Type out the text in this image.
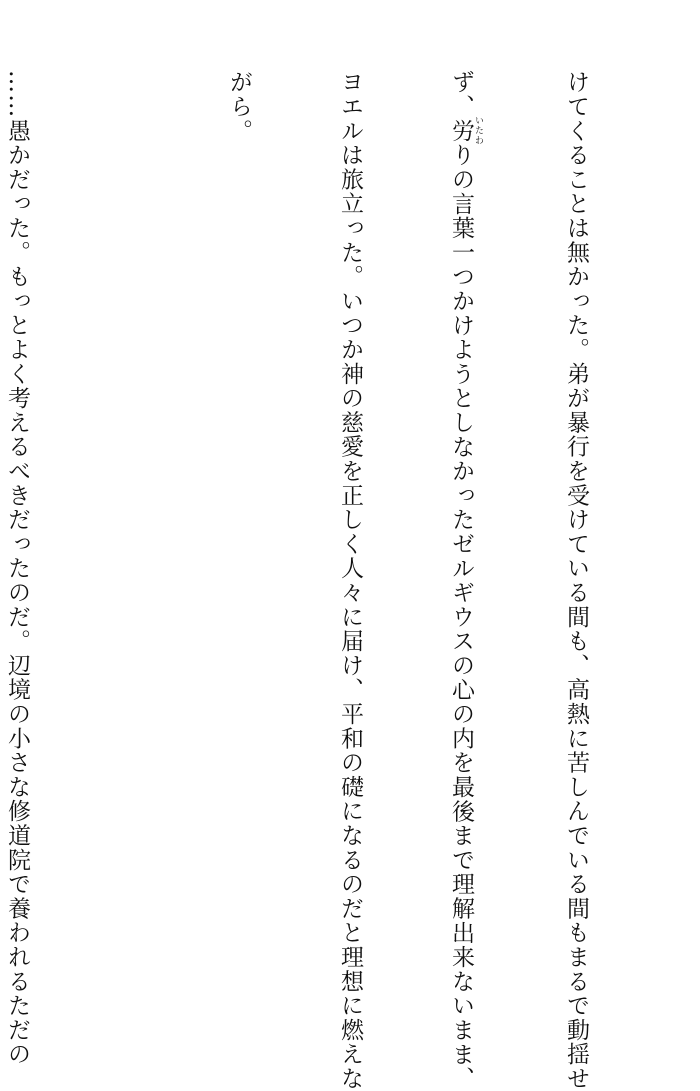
けてくることは無かった。弟が暴行を受けている間も、高熱に苦しんでいる間もまるで動揺せ

ず、労 いたわりの言葉一つかけようとしなかったゼルギウスの心の内を最後まで理解出来ないまま、

ヨエルは旅立った。いつか神の慈愛を正しく人々に届け、平和の礎になるのだと理想に燃えな

がら。

……愚かだった。もっとよく考えるべきだったのだ。辺境の小さな修道院で養われるただの
